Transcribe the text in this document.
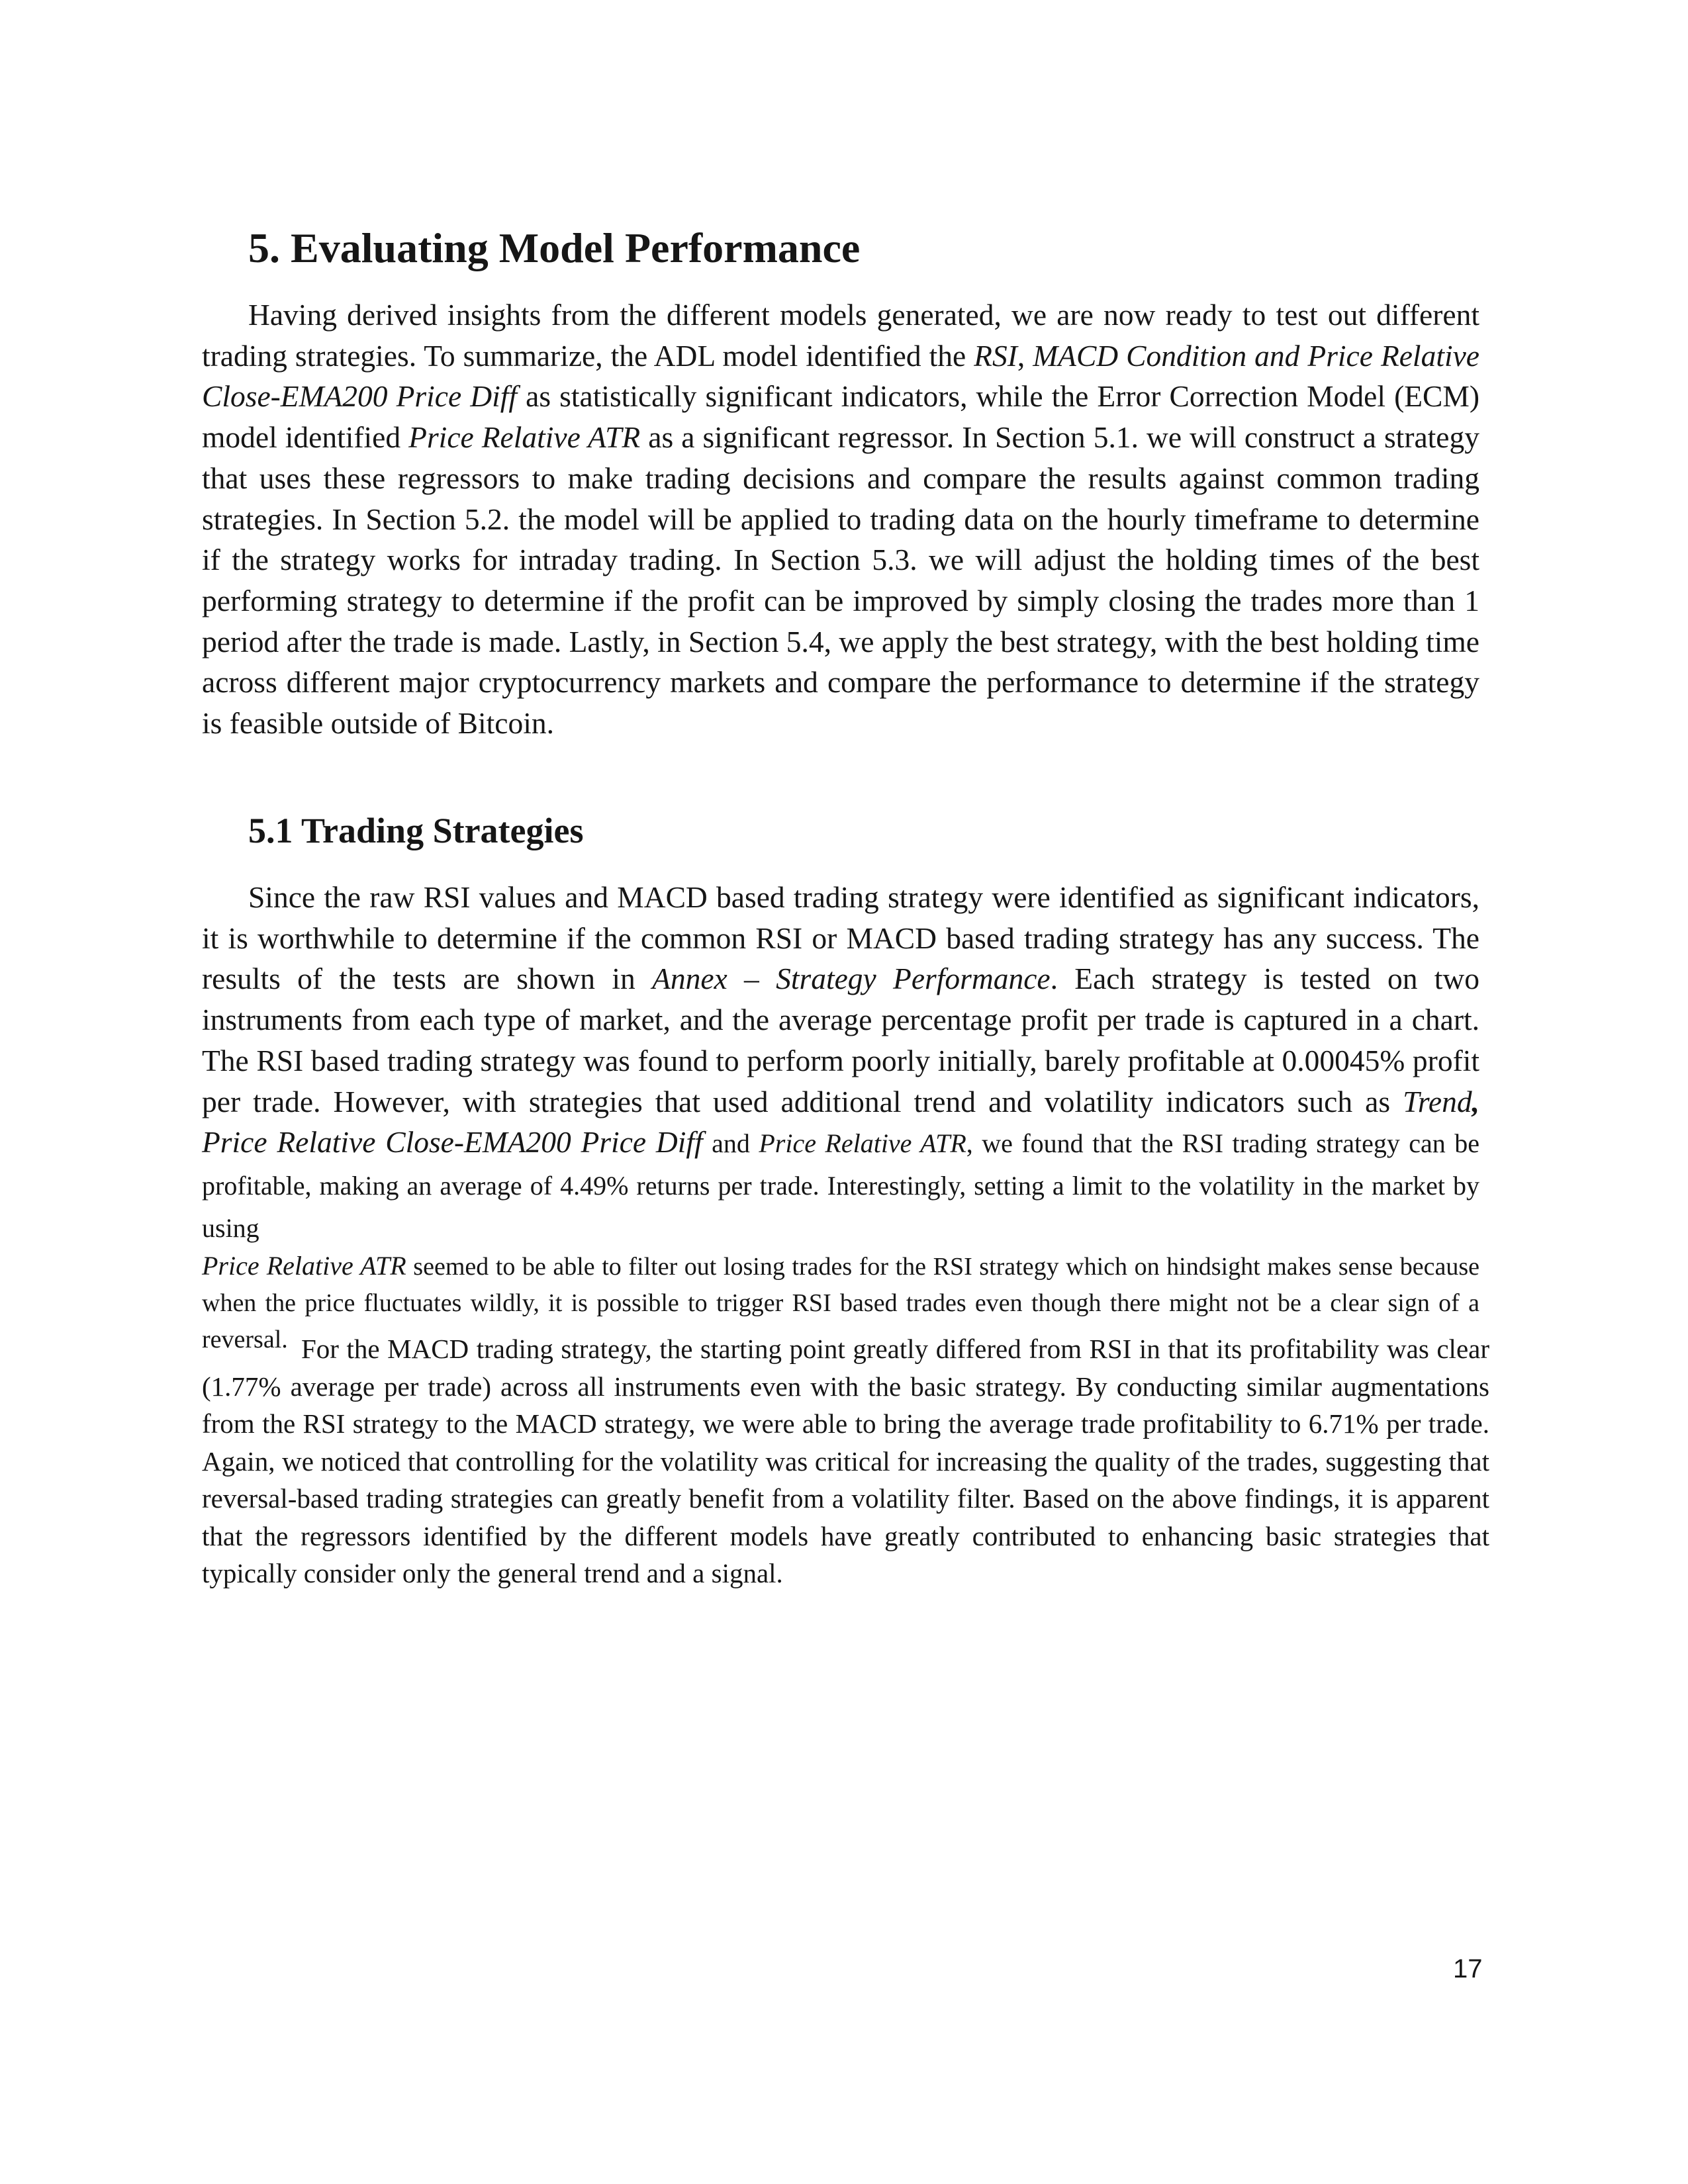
5. Evaluating Model Performance

Having derived insights from the different models generated, we are now ready to test out different trading strategies. To summarize, the ADL model identified the RSI, MACD Condition and Price Relative Close-EMA200 Price Diff as statistically significant indicators, while the Error Correction Model (ECM) model identified Price Relative ATR as a significant regressor. In Section 5.1. we will construct a strategy that uses these regressors to make trading decisions and compare the results against common trading strategies. In Section 5.2. the model will be applied to trading data on the hourly timeframe to determine if the strategy works for intraday trading. In Section 5.3. we will adjust the holding times of the best performing strategy to determine if the profit can be improved by simply closing the trades more than 1 period after the trade is made. Lastly, in Section 5.4, we apply the best strategy, with the best holding time across different major cryptocurrency markets and compare the performance to determine if the strategy is feasible outside of Bitcoin.

5.1 Trading Strategies

Since the raw RSI values and MACD based trading strategy were identified as significant indicators, it is worthwhile to determine if the common RSI or MACD based trading strategy has any success. The results of the tests are shown in Annex – Strategy Performance. Each strategy is tested on two instruments from each type of market, and the average percentage profit per trade is captured in a chart. The RSI based trading strategy was found to perform poorly initially, barely profitable at 0.00045% profit per trade. However, with strategies that used additional trend and volatility indicators such as Trend, Price Relative Close-EMA200 Price Diff and Price Relative ATR, we found that the RSI trading strategy can be profitable, making an average of 4.49% returns per trade. Interestingly, setting a limit to the volatility in the market by using

Price Relative ATR seemed to be able to filter out losing trades for the RSI strategy which on hindsight makes sense because when the price fluctuates wildly, it is possible to trigger RSI based trades even though there might not be a clear sign of a reversal. For the MACD trading strategy, the starting point greatly differed from RSI in that its profitability was clear (1.77% average per trade) across all instruments even with the basic strategy. By conducting similar augmentations from the RSI strategy to the MACD strategy, we were able to bring the average trade profitability to 6.71% per trade. Again, we noticed that controlling for the volatility was critical for increasing the quality of the trades, suggesting that reversal-based trading strategies can greatly benefit from a volatility filter. Based on the above findings, it is apparent that the regressors identified by the different models have greatly contributed to enhancing basic strategies that typically consider only the general trend and a signal.

17
